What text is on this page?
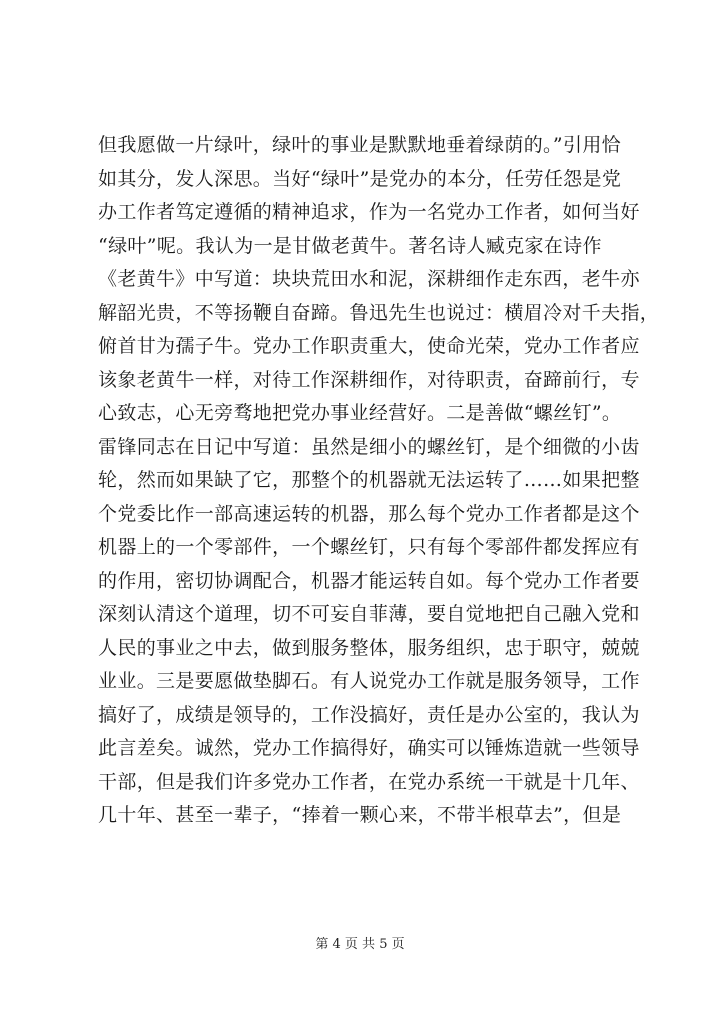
但我愿做一片绿叶，绿叶的事业是默默地垂着绿荫的。”引用恰
如其分，发人深思。当好“绿叶”是党办的本分，任劳任怨是党
办工作者笃定遵循的精神追求，作为一名党办工作者，如何当好
“绿叶”呢。我认为一是甘做老黄牛。著名诗人臧克家在诗作
《老黄牛》中写道：块块荒田水和泥，深耕细作走东西，老牛亦
解韶光贵，不等扬鞭自奋蹄。鲁迅先生也说过：横眉冷对千夫指，
俯首甘为孺子牛。党办工作职责重大，使命光荣，党办工作者应
该象老黄牛一样，对待工作深耕细作，对待职责，奋蹄前行，专
心致志，心无旁骛地把党办事业经营好。二是善做“螺丝钉”。
雷锋同志在日记中写道：虽然是细小的螺丝钉，是个细微的小齿
轮，然而如果缺了它，那整个的机器就无法运转了……如果把整
个党委比作一部高速运转的机器，那么每个党办工作者都是这个
机器上的一个零部件，一个螺丝钉，只有每个零部件都发挥应有
的作用，密切协调配合，机器才能运转自如。每个党办工作者要
深刻认清这个道理，切不可妄自菲薄，要自觉地把自己融入党和
人民的事业之中去，做到服务整体，服务组织，忠于职守，兢兢
业业。三是要愿做垫脚石。有人说党办工作就是服务领导，工作
搞好了，成绩是领导的，工作没搞好，责任是办公室的，我认为
此言差矣。诚然，党办工作搞得好，确实可以锤炼造就一些领导
干部，但是我们许多党办工作者，在党办系统一干就是十几年、
几十年、甚至一辈子，“捧着一颗心来，不带半根草去”，但是
第 4 页 共 5 页
